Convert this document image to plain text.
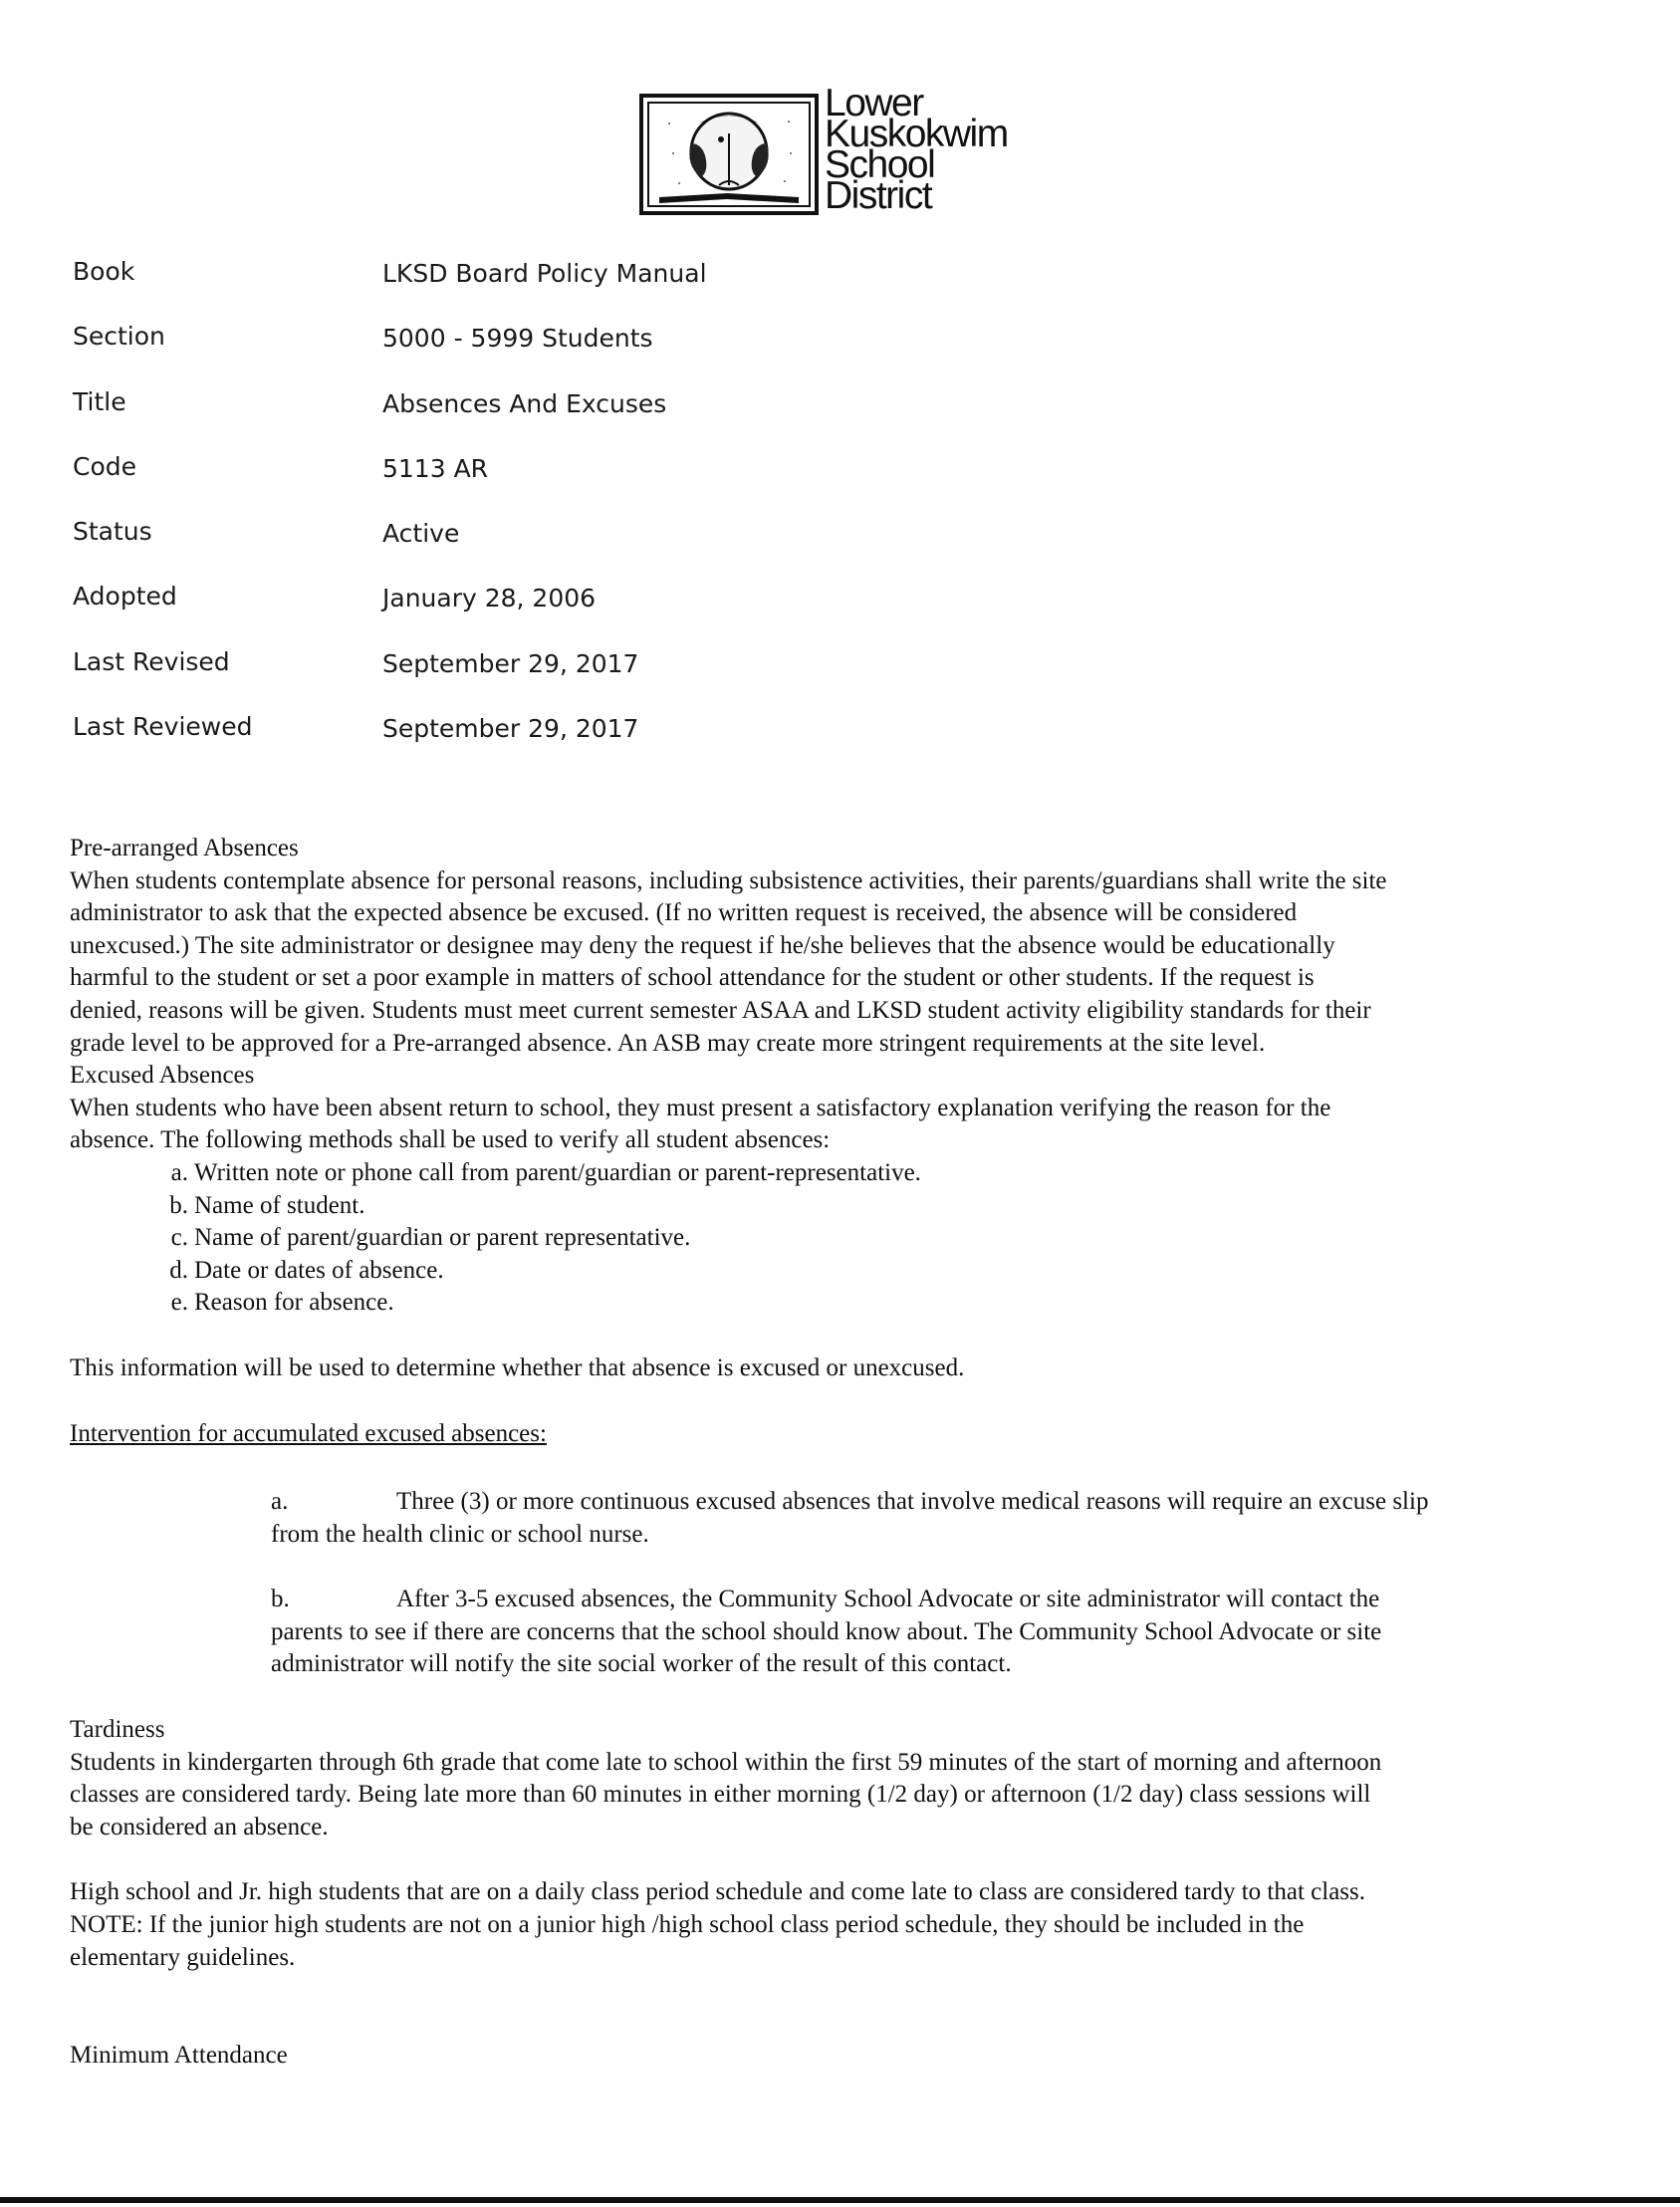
Lower
Kuskokwim
School
District
Book	LKSD Board Policy Manual
Section	5000 - 5999 Students
Title	Absences And Excuses
Code	5113 AR
Status	Active
Adopted	January 28, 2006
Last Revised	September 29, 2017
Last Reviewed	September 29, 2017
Pre-arranged Absences
When students contemplate absence for personal reasons, including subsistence activities, their parents/guardians shall write the site
administrator to ask that the expected absence be excused. (If no written request is received, the absence will be considered
unexcused.) The site administrator or designee may deny the request if he/she believes that the absence would be educationally
harmful to the student or set a poor example in matters of school attendance for the student or other students. If the request is
denied, reasons will be given. Students must meet current semester ASAA and LKSD student activity eligibility standards for their
grade level to be approved for a Pre-arranged absence. An ASB may create more stringent requirements at the site level.
Excused Absences
When students who have been absent return to school, they must present a satisfactory explanation verifying the reason for the
absence. The following methods shall be used to verify all student absences:
a. Written note or phone call from parent/guardian or parent-representative.
b. Name of student.
c. Name of parent/guardian or parent representative.
d. Date or dates of absence.
e. Reason for absence.
This information will be used to determine whether that absence is excused or unexcused.
Intervention for accumulated excused absences:
a.	Three (3) or more continuous excused absences that involve medical reasons will require an excuse slip
from the health clinic or school nurse.
b.	After 3-5 excused absences, the Community School Advocate or site administrator will contact the
parents to see if there are concerns that the school should know about. The Community School Advocate or site
administrator will notify the site social worker of the result of this contact.
Tardiness
Students in kindergarten through 6th grade that come late to school within the first 59 minutes of the start of morning and afternoon
classes are considered tardy. Being late more than 60 minutes in either morning (1/2 day) or afternoon (1/2 day) class sessions will
be considered an absence.
High school and Jr. high students that are on a daily class period schedule and come late to class are considered tardy to that class.
NOTE: If the junior high students are not on a junior high /high school class period schedule, they should be included in the
elementary guidelines.
Minimum Attendance
